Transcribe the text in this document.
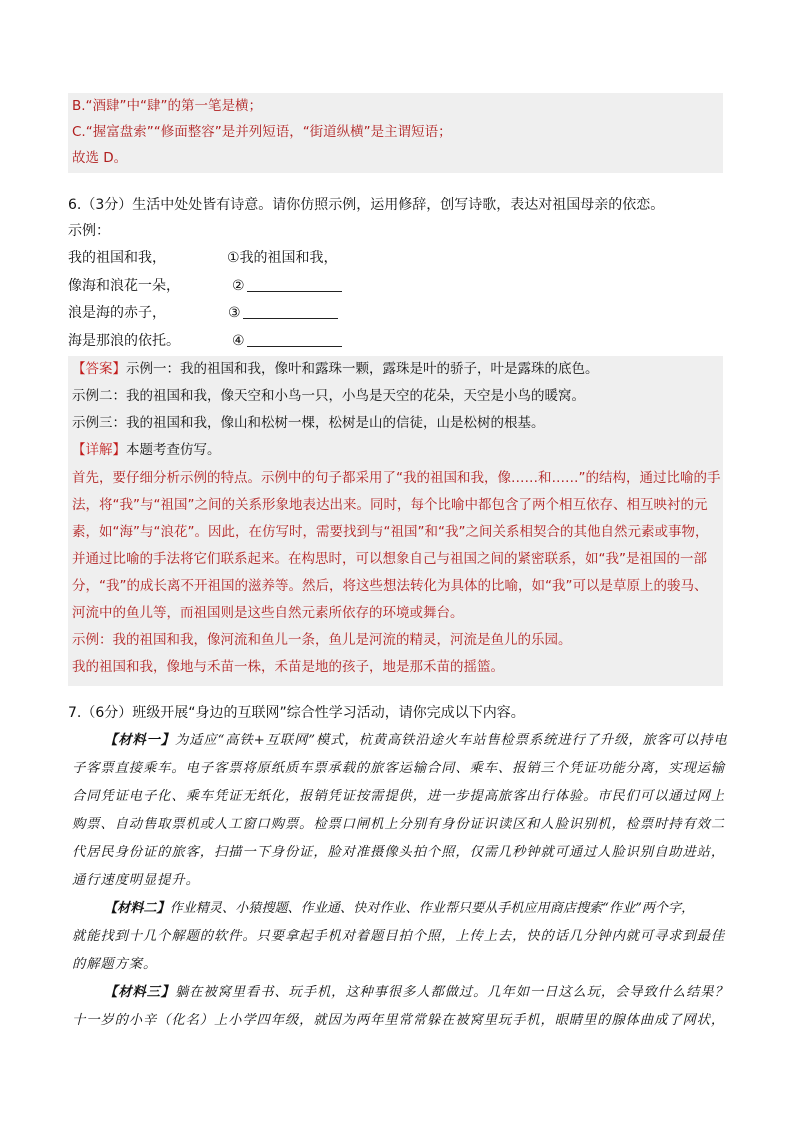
B.“酒肆”中“肆”的第一笔是横；
C.“握富盘索”“修面整容”是并列短语，“街道纵横”是主谓短语；
故选 D。
6.（3分）生活中处处皆有诗意。请你仿照示例，运用修辞，创写诗歌，表达对祖国母亲的依恋。
示例：
我的祖国和我，
像海和浪花一朵，
浪是海的赤子，
海是那浪的依托。
①我的祖国和我，
②
③
④
【答案】示例一：我的祖国和我，像叶和露珠一颗，露珠是叶的骄子，叶是露珠的底色。
示例二：我的祖国和我，像天空和小鸟一只，小鸟是天空的花朵，天空是小鸟的暖窝。
示例三：我的祖国和我，像山和松树一棵，松树是山的信徒，山是松树的根基。
【详解】本题考查仿写。
首先，要仔细分析示例的特点。示例中的句子都采用了“我的祖国和我，像……和……”的结构，通过比喻的手
法，将“我”与“祖国”之间的关系形象地表达出来。同时，每个比喻中都包含了两个相互依存、相互映衬的元
素，如“海”与“浪花”。因此，在仿写时，需要找到与“祖国”和“我”之间关系相契合的其他自然元素或事物，
并通过比喻的手法将它们联系起来。在构思时，可以想象自己与祖国之间的紧密联系，如“我”是祖国的一部
分，“我”的成长离不开祖国的滋养等。然后，将这些想法转化为具体的比喻，如“我”可以是草原上的骏马、
河流中的鱼儿等，而祖国则是这些自然元素所依存的环境或舞台。
示例：我的祖国和我，像河流和鱼儿一条，鱼儿是河流的精灵，河流是鱼儿的乐园。
我的祖国和我，像地与禾苗一株，禾苗是地的孩子，地是那禾苗的摇篮。
7.（6分）班级开展“身边的互联网”综合性学习活动，请你完成以下内容。
【材料一】为适应“高铁+互联网”模式，杭黄高铁沿途火车站售检票系统进行了升级，旅客可以持电
子客票直接乘车。电子客票将原纸质车票承载的旅客运输合同、乘车、报销三个凭证功能分离，实现运输
合同凭证电子化、乘车凭证无纸化，报销凭证按需提供，进一步提高旅客出行体验。市民们可以通过网上
购票、自动售取票机或人工窗口购票。检票口闸机上分别有身份证识读区和人脸识别机，检票时持有效二
代居民身份证的旅客，扫描一下身份证，脸对准摄像头拍个照，仅需几秒钟就可通过人脸识别自助进站，
通行速度明显提升。
【材料二】作业精灵、小猿搜题、作业通、快对作业、作业帮只要从手机应用商店搜索“作业”两个字，
就能找到十几个解题的软件。只要拿起手机对着题目拍个照，上传上去，快的话几分钟内就可寻求到最佳
的解题方案。
【材料三】躺在被窝里看书、玩手机，这种事很多人都做过。几年如一日这么玩，会导致什么结果？
十一岁的小辛（化名）上小学四年级，就因为两年里常常躲在被窝里玩手机，眼睛里的腺体曲成了网状，
